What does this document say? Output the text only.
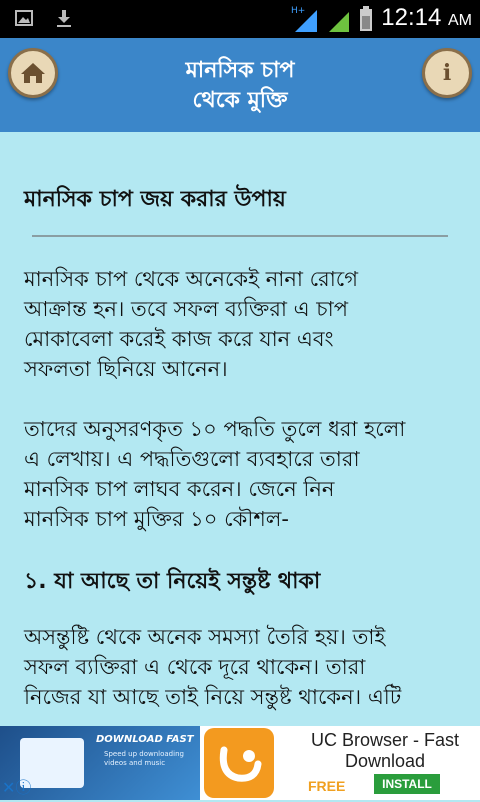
H+	12:14 AM
মানসিক চাপ
থেকে মুক্তি
i
মানসিক চাপ জয় করার উপায়
মানসিক চাপ থেকে অনেকেই নানা রোগে
আক্রান্ত হন। তবে সফল ব্যক্তিরা এ চাপ
মোকাবেলা করেই কাজ করে যান এবং
সফলতা ছিনিয়ে আনেন।
তাদের অনুসরণকৃত ১০ পদ্ধতি তুলে ধরা হলো
এ লেখায়। এ পদ্ধতিগুলো ব্যবহারে তারা
মানসিক চাপ লাঘব করেন। জেনে নিন
মানসিক চাপ মুক্তির ১০ কৌশল-
১. যা আছে তা নিয়েই সন্তুষ্ট থাকা
অসন্তুষ্টি থেকে অনেক সমস্যা তৈরি হয়। তাই
সফল ব্যক্তিরা এ থেকে দূরে থাকেন। তারা
নিজের যা আছে তাই নিয়ে সন্তুষ্ট থাকেন। এটি
DOWNLOAD FAST
Speed up downloading videos and music
✕ⓘ
UC Browser - Fast Download
FREE	INSTALL
